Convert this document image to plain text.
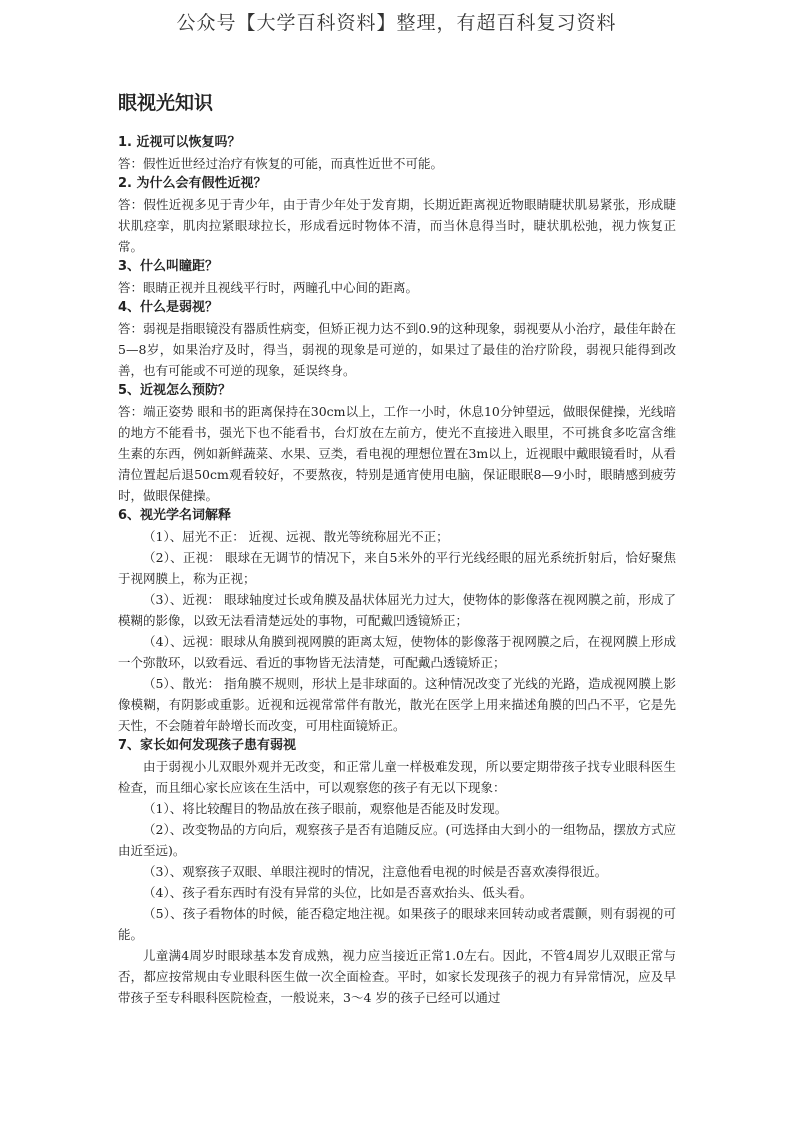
公众号【大学百科资料】整理，有超百科复习资料
眼视光知识

1. 近视可以恢复吗？

答：假性近世经过治疗有恢复的可能，而真性近世不可能。

2. 为什么会有假性近视？

答：假性近视多见于青少年，由于青少年处于发育期，长期近距离视近物眼睛睫状肌易紧张，形成睫状肌痉挛，肌肉拉紧眼球拉长，形成看远时物体不清，而当休息得当时，睫状肌松弛，视力恢复正常。

3、什么叫瞳距？

答：眼睛正视并且视线平行时，两瞳孔中心间的距离。

4、什么是弱视？

答：弱视是指眼镜没有器质性病变，但矫正视力达不到0.9的这种现象，弱视要从小治疗，最佳年龄在5—8岁，如果治疗及时，得当，弱视的现象是可逆的，如果过了最佳的治疗阶段，弱视只能得到改善，也有可能或不可逆的现象，延误终身。

5、近视怎么预防？

答：端正姿势 眼和书的距离保持在30cm以上，工作一小时，休息10分钟望远，做眼保健操，光线暗的地方不能看书，强光下也不能看书，台灯放在左前方，使光不直接进入眼里，不可挑食多吃富含维生素的东西，例如新鲜蔬菜、水果、豆类，看电视的理想位置在3m以上，近视眼中戴眼镜看时，从看清位置起后退50cm观看较好，不要熬夜，特别是通宵使用电脑，保证眼眠8—9小时，眼睛感到疲劳时，做眼保健操。

6、视光学名词解释

（1）、屈光不正： 近视、远视、散光等统称屈光不正；

（2）、正视： 眼球在无调节的情况下，来自5米外的平行光线经眼的屈光系统折射后，恰好聚焦于视网膜上，称为正视；

（3）、近视： 眼球轴度过长或角膜及晶状体屈光力过大，使物体的影像落在视网膜之前，形成了模糊的影像，以致无法看清楚远处的事物，可配戴凹透镜矫正；

（4）、远视：眼球从角膜到视网膜的距离太短，使物体的影像落于视网膜之后，在视网膜上形成一个弥散环，以致看远、看近的事物皆无法清楚，可配戴凸透镜矫正；

（5）、散光： 指角膜不规则，形状上是非球面的。这种情况改变了光线的光路，造成视网膜上影像模糊，有阴影或重影。近视和远视常常伴有散光，散光在医学上用来描述角膜的凹凸不平，它是先天性，不会随着年龄增长而改变，可用柱面镜矫正。

7、家长如何发现孩子患有弱视

由于弱视小儿双眼外观并无改变，和正常儿童一样极难发现，所以要定期带孩子找专业眼科医生检查，而且细心家长应该在生活中，可以观察您的孩子有无以下现象：

（1）、将比较醒目的物品放在孩子眼前，观察他是否能及时发现。

（2）、改变物品的方向后，观察孩子是否有追随反应。(可选择由大到小的一组物品，摆放方式应由近至远)。

（3）、观察孩子双眼、单眼注视时的情况，注意他看电视的时候是否喜欢凑得很近。

（4）、孩子看东西时有没有异常的头位，比如是否喜欢抬头、低头看。

（5）、孩子看物体的时候，能否稳定地注视。如果孩子的眼球来回转动或者震颤，则有弱视的可能。

儿童满4周岁时眼球基本发育成熟，视力应当接近正常1.0左右。因此，不管4周岁儿双眼正常与否，都应按常规由专业眼科医生做一次全面检查。平时，如家长发现孩子的视力有异常情况，应及早带孩子至专科眼科医院检查，一般说来，3～4 岁的孩子已经可以通过
